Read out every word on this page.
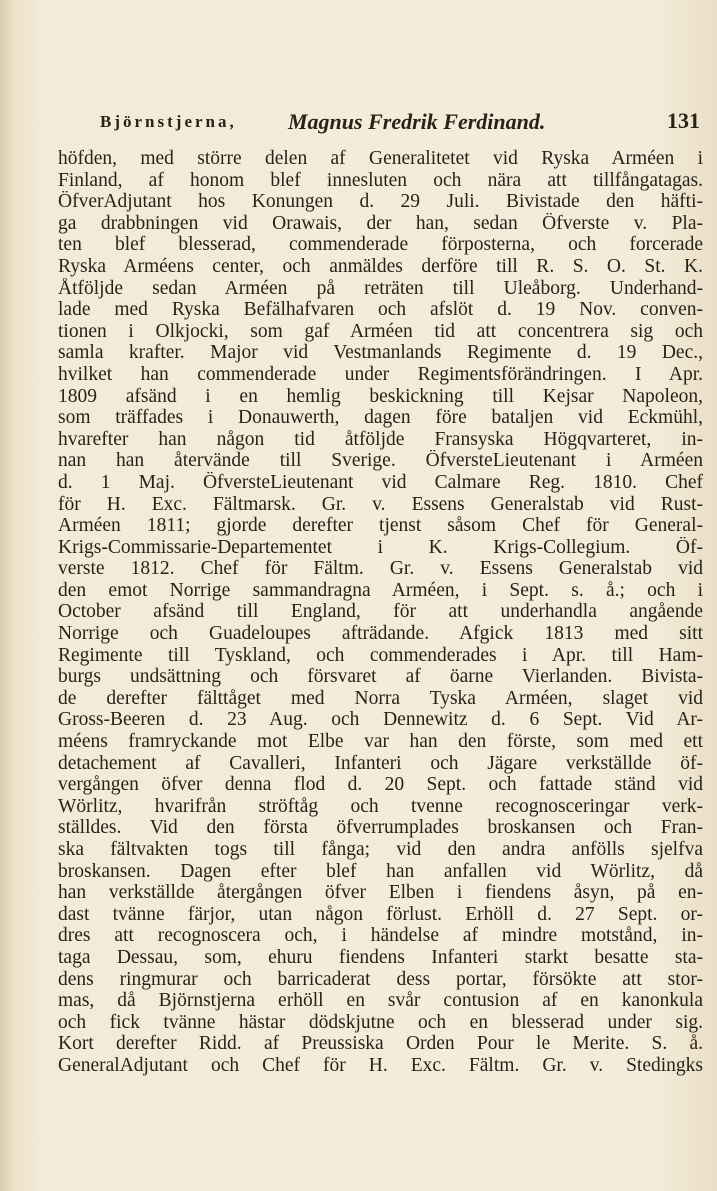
Björnstjerna, Magnus Fredrik Ferdinand.	131
höfden, med större delen af Generalitetet vid Ryska Arméen i
Finland, af honom blef innesluten och nära att tillfångatagas.
ÖfverAdjutant hos Konungen d. 29 Juli. Bivistade den häfti-
ga drabbningen vid Orawais, der han, sedan Öfverste v. Pla-
ten blef blesserad, commenderade förposterna, och forcerade
Ryska Arméens center, och anmäldes derföre till R. S. O. St. K.
Åtföljde sedan Arméen på reträten till Uleåborg. Underhand-
lade med Ryska Befälhafvaren och afslöt d. 19 Nov. conven-
tionen i Olkjocki, som gaf Arméen tid att concentrera sig och
samla krafter. Major vid Vestmanlands Regimente d. 19 Dec.,
hvilket han commenderade under Regimentsförändringen. I Apr.
1809 afsänd i en hemlig beskickning till Kejsar Napoleon,
som träffades i Donauwerth, dagen före bataljen vid Eckmühl,
hvarefter han någon tid åtföljde Fransyska Högqvarteret, in-
nan han återvände till Sverige. ÖfversteLieutenant i Arméen
d. 1 Maj. ÖfversteLieutenant vid Calmare Reg. 1810. Chef
för H. Exc. Fältmarsk. Gr. v. Essens Generalstab vid Rust-
Arméen 1811; gjorde derefter tjenst såsom Chef för General-
Krigs-Commissarie-Departementet i K. Krigs-Collegium. Öf-
verste 1812. Chef för Fältm. Gr. v. Essens Generalstab vid
den emot Norrige sammandragna Arméen, i Sept. s. å.; och i
October afsänd till England, för att underhandla angående
Norrige och Guadeloupes afträdande. Afgick 1813 med sitt
Regimente till Tyskland, och commenderades i Apr. till Ham-
burgs undsättning och försvaret af öarne Vierlanden. Bivista-
de derefter fälttåget med Norra Tyska Arméen, slaget vid
Gross-Beeren d. 23 Aug. och Dennewitz d. 6 Sept. Vid Ar-
méens framryckande mot Elbe var han den förste, som med ett
detachement af Cavalleri, Infanteri och Jägare verkställde öf-
vergången öfver denna flod d. 20 Sept. och fattade ständ vid
Wörlitz, hvarifrån ströftåg och tvenne recognosceringar verk-
ställdes. Vid den första öfverrumplades broskansen och Fran-
ska fältvakten togs till fånga; vid den andra anfölls sjelfva
broskansen. Dagen efter blef han anfallen vid Wörlitz, då
han verkställde återgången öfver Elben i fiendens åsyn, på en-
dast tvänne färjor, utan någon förlust. Erhöll d. 27 Sept. or-
dres att recognoscera och, i händelse af mindre motstånd, in-
taga Dessau, som, ehuru fiendens Infanteri starkt besatte sta-
dens ringmurar och barricaderat dess portar, försökte att stor-
mas, då Björnstjerna erhöll en svår contusion af en kanonkula
och fick tvänne hästar dödskjutne och en blesserad under sig.
Kort derefter Ridd. af Preussiska Orden Pour le Merite. S. å.
GeneralAdjutant och Chef för H. Exc. Fältm. Gr. v. Stedingks
